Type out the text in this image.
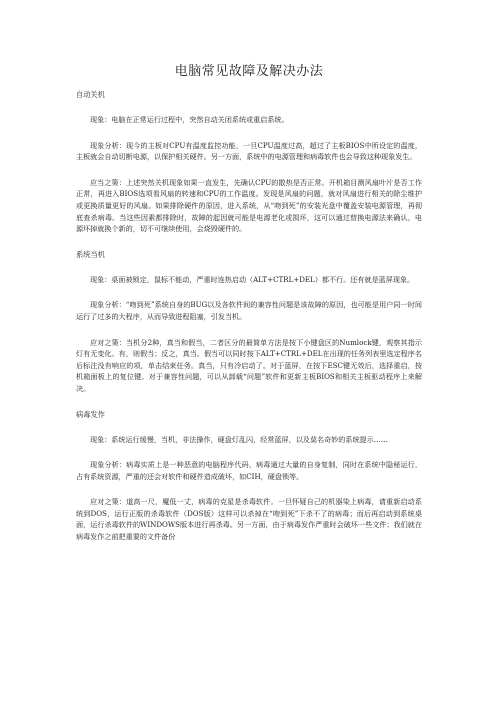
电脑常见故障及解决办法
自动关机

现象：电脑在正常运行过程中，突然自动关闭系统或重启系统。

现象分析：现今的主板对CPU有温度监控功能，一旦CPU温度过高，超过了主板BIOS中所设定的温度，主板就会自动切断电源，以保护相关硬件。另一方面，系统中的电源管理和病毒软件也会导致这种现象发生。

应当之策：上述突然关机现象如果一直发生，先确认CPU的散热是否正常。开机箱目测风扇叶片是否工作正常，再进入BIOS选项看风扇的转速和CPU的工作温度。发现是风扇的问题，就对风扇进行相关的除尘维护或更换质量更好的风扇。如果排除硬件的原因，进入系统，从“吻到死”的安装光盘中覆盖安装电源管理，再彻底查杀病毒。当这些因素都排除时，故障的起因就可能是电源老化或损坏，这可以通过替换电源法来确认，电源坏掉就换个新的，切不可继续使用，会烧毁硬件的。

系统当机

现象：桌面被锁定，鼠标不能动，严重时连热启动（ALT+CTRL+DEL）都不行。还有就是蓝屏现象。

现象分析：“吻到死”系统自身的BUG以及各软件间的兼容性问题是该故障的原因，也可能是用户同一时间运行了过多的大程序，从而导致进程阻塞，引发当机。

应对之策：当机分2种，真当和假当，二者区分的最简单方法是按下小键盘区的Numlock键，观察其指示灯有无变化。有，则假当；反之，真当。假当可以同时按下ALT+CTRL+DEL在出现的任务列表里选定程序名后标注没有响应的项，单击结束任务。真当，只有冷启动了。对于蓝屏，在按下ESC键无效后，选择重启，按机箱面板上的复位键。对于兼容性问题，可以从卸载“问题”软件和更新主板BIOS和相关主板驱动程序上来解决。

病毒发作

现象：系统运行缓慢，当机，非法操作，硬盘灯乱闪，经常蓝屏，以及莫名奇妙的系统提示……

现象分析：病毒实质上是一种恶意的电脑程序代码，病毒通过大量的自身复制，同时在系统中隐秘运行，占有系统资源，严重的还会对软件和硬件造成破坏，如CIH，硬盘锁等。

应对之策：道高一尺，魔低一丈，病毒的克星是杀毒软件。一旦怀疑自己的机器染上病毒，请重新启动系统到DOS，运行正版的杀毒软件（DOS版）这样可以杀掉在“吻到死”下杀不了的病毒；而后再启动到系统桌面，运行杀毒软件的WINDOWS版本进行再杀毒。另一方面，由于病毒发作严重时会破坏一些文件；我们就在病毒发作之前把重要的文件备份
